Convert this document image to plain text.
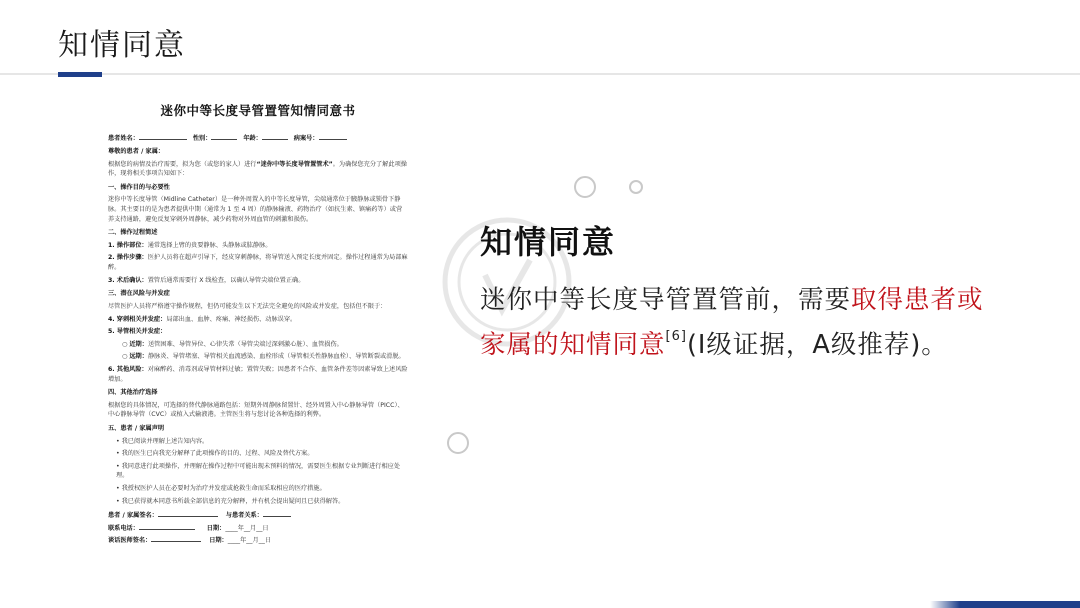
知情同意
迷你中等长度导管置管知情同意书

患者姓名：	性别：	年龄：	病案号：

尊敬的患者 / 家属：

根据您的病情及治疗需要，拟为您（或您的家人）进行“迷你中等长度导管置管术”。为确保您充分了解此项操作，现将相关事项告知如下：

一、操作目的与必要性

迷你中等长度导管（Midline Catheter）是一种外周置入的中等长度导管，尖端通常位于腋静脉或锁骨下静脉。其主要目的是为患者提供中期（通常为 1 至 4 周）的静脉输液、药物治疗（如抗生素、镇痛药等）或营养支持通路，避免反复穿刺外周静脉，减少药物对外周血管的刺激和损伤。

二、操作过程简述

1. 操作部位：通常选择上臂的贵要静脉、头静脉或肱静脉。

2. 操作步骤：医护人员将在超声引导下，经皮穿刺静脉，将导管送入预定长度并固定。操作过程通常为局部麻醉。

3. 术后确认：置管后通常需要行 X 线检查，以确认导管尖端位置正确。

三、潜在风险与并发症

尽管医护人员将严格遵守操作规程，但仍可能发生以下无法完全避免的风险或并发症，包括但不限于：

4. 穿刺相关并发症：局部出血、血肿、疼痛、神经损伤、动脉误穿。

5. 导管相关并发症：

○ 近期：送管困难、导管异位、心律失常（导管尖端过深刺激心脏）、血管损伤。

○ 远期：静脉炎、导管堵塞、导管相关血流感染、血栓形成（导管相关性静脉血栓）、导管断裂或滑脱。

6. 其他风险：对麻醉药、消毒剂或导管材料过敏；置管失败；因患者不合作、血管条件差等因素导致上述风险增加。

四、其他治疗选择

根据您的具体情况，可选择的替代静脉通路包括：短期外周静脉留置针、经外周置入中心静脉导管（PICC）、中心静脉导管（CVC）或植入式输液港。主管医生将与您讨论各种选择的利弊。

五、患者 / 家属声明

• 我已阅读并理解上述告知内容。

• 我的医生已向我充分解释了此项操作的目的、过程、风险及替代方案。

• 我同意进行此项操作，并理解在操作过程中可能出现未预料的情况，需要医生根据专业判断进行相应处理。

• 我授权医护人员在必要时为治疗并发症或抢救生命而采取相应的医疗措施。

• 我已获得就本同意书所载全部信息的充分解释，并有机会提出疑问且已获得解答。

患者 / 家属签名：	与患者关系：

联系电话：	日期：____年__月__日

谈话医师签名：	日期：____年__月__日

知情同意
迷你中等长度导管置管前，需要取得患者或家属的知情同意[6](I级证据，A级推荐)。
